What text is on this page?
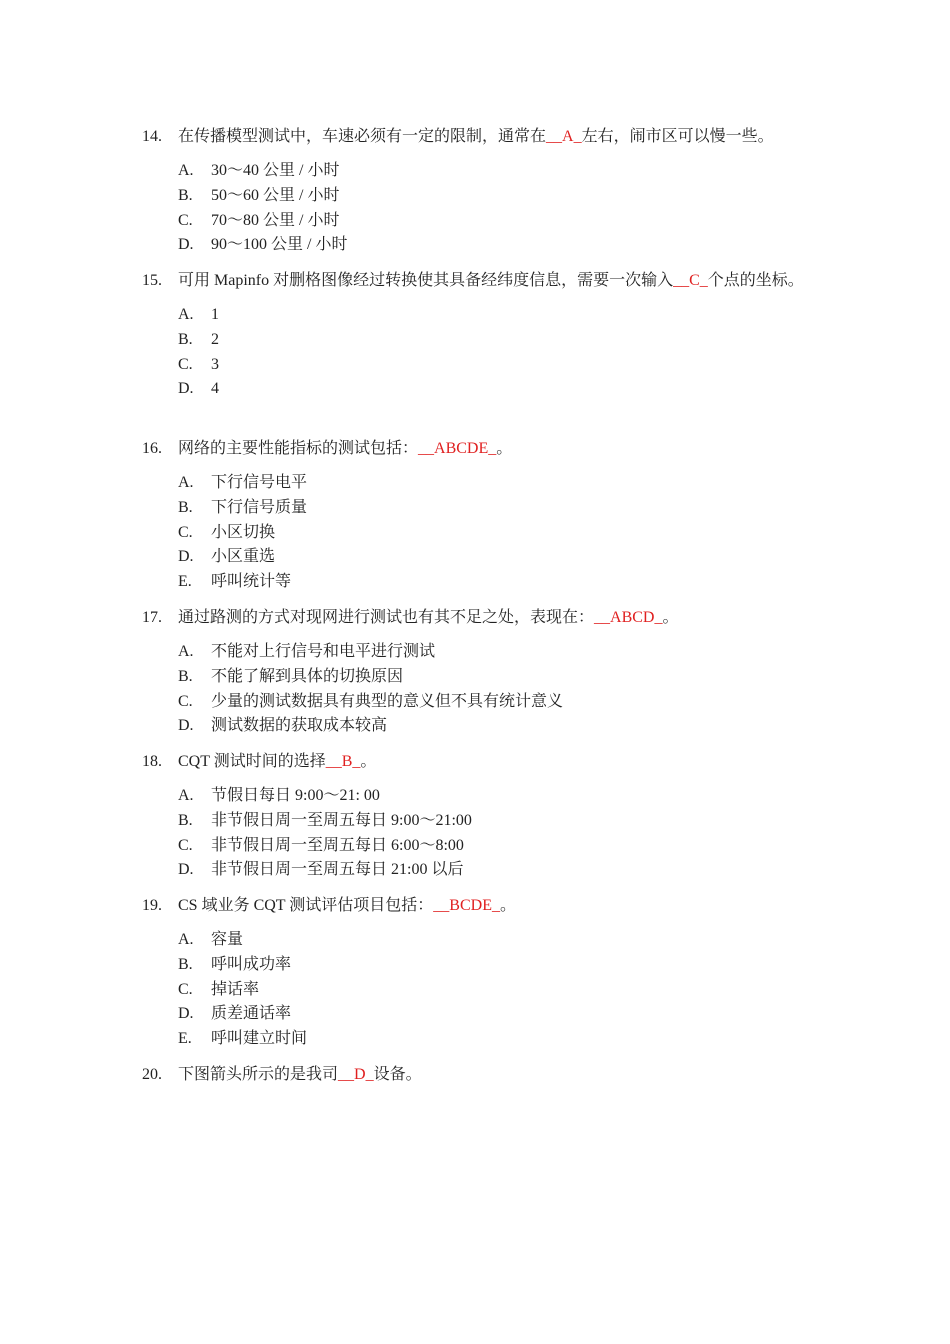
14.	在传播模型测试中，车速必须有一定的限制，通常在__A_左右，闹市区可以慢一些。
A.	30～40 公里 / 小时
B.	50～60 公里 / 小时
C.	70～80 公里 / 小时
D.	90～100 公里 / 小时
15.	可用 Mapinfo 对删格图像经过转换使其具备经纬度信息，需要一次输入__C_个点的坐标。
A.	1
B.	2
C.	3
D.	4
16.	网络的主要性能指标的测试包括：__ABCDE_。
A.	下行信号电平
B.	下行信号质量
C.	小区切换
D.	小区重选
E.	呼叫统计等
17.	通过路测的方式对现网进行测试也有其不足之处，表现在：__ABCD_。
A.	不能对上行信号和电平进行测试
B.	不能了解到具体的切换原因
C.	少量的测试数据具有典型的意义但不具有统计意义
D.	测试数据的获取成本较高
18.	CQT 测试时间的选择__B_。
A.	节假日每日 9:00～21: 00
B.	非节假日周一至周五每日 9:00～21:00
C.	非节假日周一至周五每日 6:00～8:00
D.	非节假日周一至周五每日 21:00 以后
19.	CS 域业务 CQT 测试评估项目包括：__BCDE_。
A.	容量
B.	呼叫成功率
C.	掉话率
D.	质差通话率
E.	呼叫建立时间
20.	下图箭头所示的是我司__D_设备。
